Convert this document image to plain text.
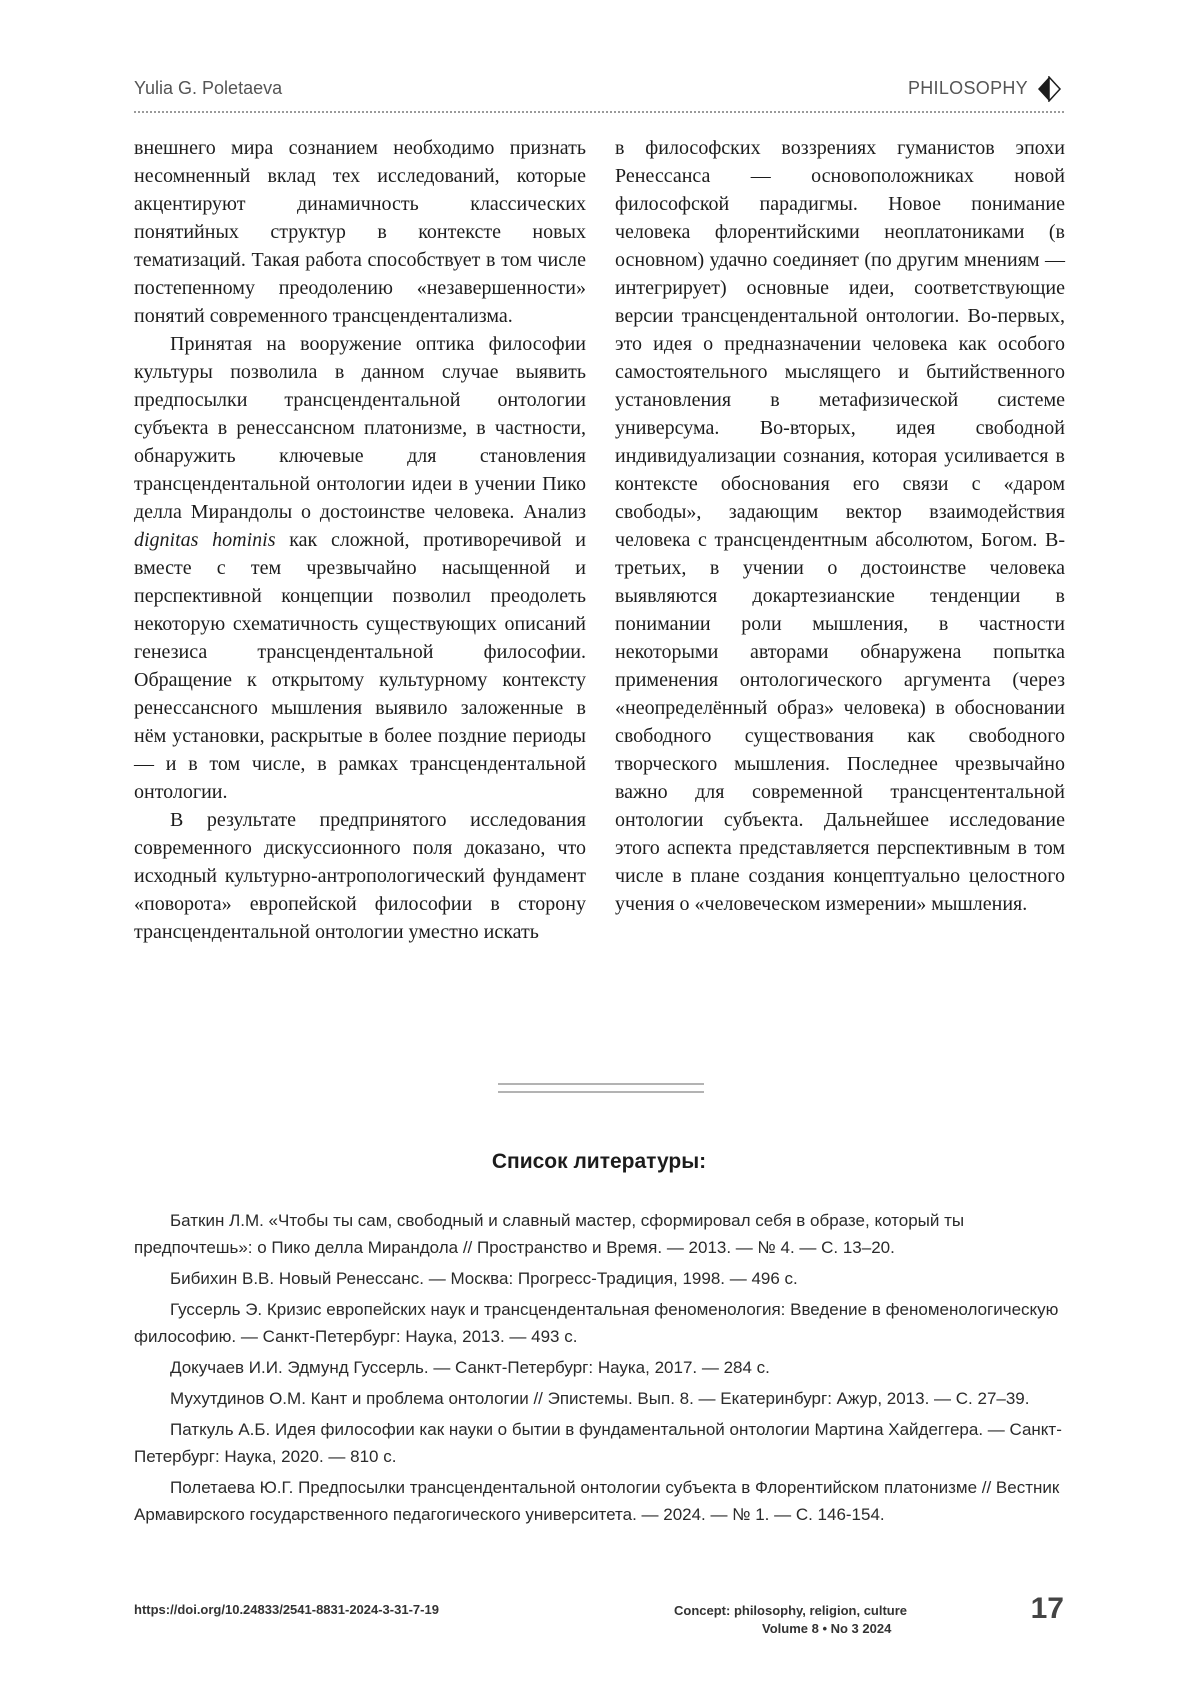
Yulia G. Poletaeva	PHILOSOPHY

внешнего мира сознанием необходимо признать несомненный вклад тех исследований, которые акцентируют динамичность классических понятийных структур в контексте новых тематизаций. Такая работа способствует в том числе постепенному преодолению «незавершенности» понятий современного трансцендентализма.

Принятая на вооружение оптика философии культуры позволила в данном случае выявить предпосылки трансцендентальной онтологии субъекта в ренессансном платонизме, в частности, обнаружить ключевые для становления трансцендентальной онтологии идеи в учении Пико делла Мирандолы о достоинстве человека. Анализ dignitas hominis как сложной, противоречивой и вместе с тем чрезвычайно насыщенной и перспективной концепции позволил преодолеть некоторую схематичность существующих описаний генезиса трансцендентальной философии. Обращение к открытому культурному контексту ренессансного мышления выявило заложенные в нём установки, раскрытые в более поздние периоды — и в том числе, в рамках трансцендентальной онтологии.

В результате предпринятого исследования современного дискуссионного поля доказано, что исходный культурно-антропологический фундамент «поворота» европейской философии в сторону трансцендентальной онтологии уместно искать

в философских воззрениях гуманистов эпохи Ренессанса — основоположниках новой философской парадигмы. Новое понимание человека флорентийскими неоплатониками (в основном) удачно соединяет (по другим мнениям — интегрирует) основные идеи, соответствующие версии трансцендентальной онтологии. Во-первых, это идея о предназначении человека как особого самостоятельного мыслящего и бытийственного установления в метафизической системе универсума. Во-вторых, идея свободной индивидуализации сознания, которая усиливается в контексте обоснования его связи с «даром свободы», задающим вектор взаимодействия человека с трансцендентным абсолютом, Богом. В-третьих, в учении о достоинстве человека выявляются докартезианские тенденции в понимании роли мышления, в частности некоторыми авторами обнаружена попытка применения онтологического аргумента (через «неопределённый образ» человека) в обосновании свободного существования как свободного творческого мышления. Последнее чрезвычайно важно для современной трансцентентальной онтологии субъекта. Дальнейшее исследование этого аспекта представляется перспективным в том числе в плане создания концептуально целостного учения о «человеческом измерении» мышления.

Список литературы:
Баткин Л.М. «Чтобы ты сам, свободный и славный мастер, сформировал себя в образе, который ты предпочтешь»: о Пико делла Мирандола // Пространство и Время. — 2013. — № 4. — С. 13–20.
Бибихин В.В. Новый Ренессанс. — Москва: Прогресс-Традиция, 1998. — 496 с.
Гуссерль Э. Кризис европейских наук и трансцендентальная феноменология: Введение в феноменологическую философию. — Санкт-Петербург: Наука, 2013. — 493 с.
Докучаев И.И. Эдмунд Гуссерль. — Санкт-Петербург: Наука, 2017. — 284 с.
Мухутдинов О.М. Кант и проблема онтологии // Эпистемы. Вып. 8. — Екатеринбург: Ажур, 2013. — С. 27–39.
Паткуль А.Б. Идея философии как науки о бытии в фундаментальной онтологии Мартина Хайдеггера. — Санкт-Петербург: Наука, 2020. — 810 с.
Полетаева Ю.Г. Предпосылки трансцендентальной онтологии субъекта в Флорентийском платонизме // Вестник Армавирского государственного педагогического университета. — 2024. — № 1. — С. 146-154.
https://doi.org/10.24833/2541-8831-2024-3-31-7-19	Concept: philosophy, religion, culture
Volume 8 • No 3 2024
17
